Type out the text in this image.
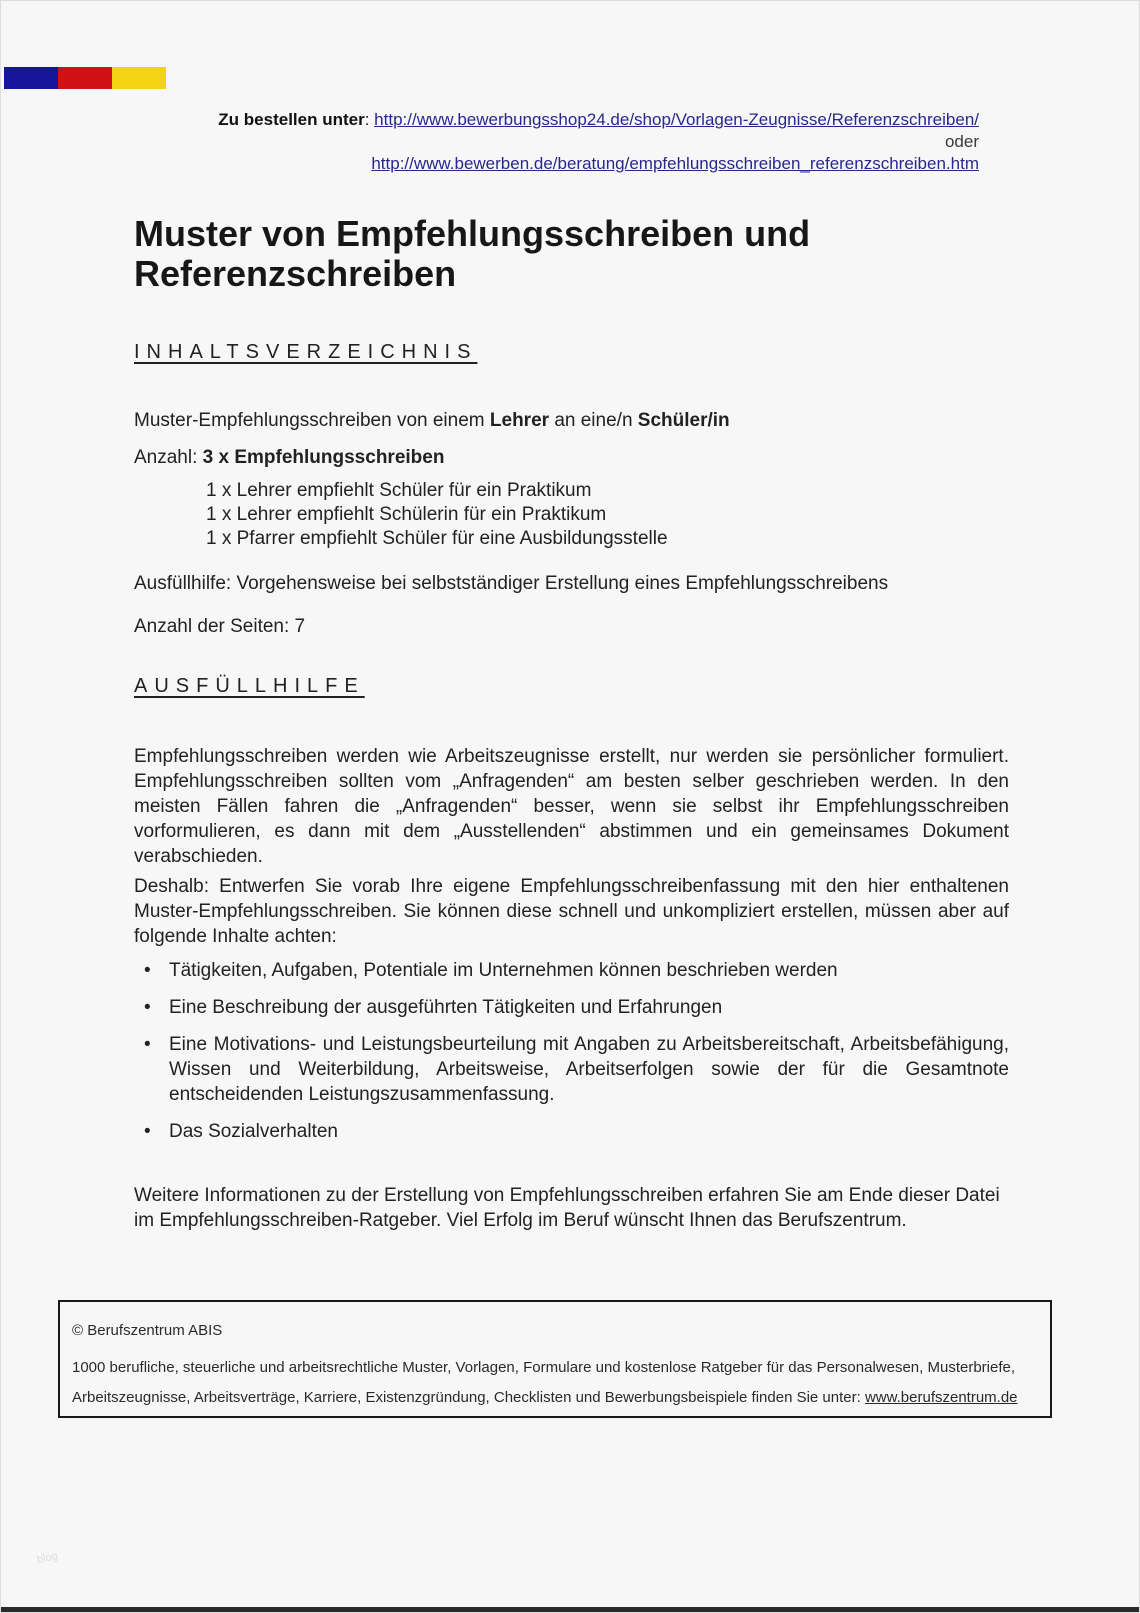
Zu bestellen unter: http://www.bewerbungsshop24.de/shop/Vorlagen-Zeugnisse/Referenzschreiben/
oder
http://www.bewerben.de/beratung/empfehlungsschreiben_referenzschreiben.htm
Muster von Empfehlungsschreiben und Referenzschreiben
INHALTSVERZEICHNIS
Muster-Empfehlungsschreiben von einem Lehrer an eine/n Schüler/in
Anzahl: 3 x Empfehlungsschreiben
1 x Lehrer empfiehlt Schüler für ein Praktikum
1 x Lehrer empfiehlt Schülerin für ein Praktikum
1 x Pfarrer empfiehlt Schüler für eine Ausbildungsstelle
Ausfüllhilfe: Vorgehensweise bei selbstständiger Erstellung eines Empfehlungsschreibens
Anzahl der Seiten: 7
AUSFÜLLHILFE
Empfehlungsschreiben werden wie Arbeitszeugnisse erstellt, nur werden sie persönlicher formuliert. Empfehlungsschreiben sollten vom „Anfragenden“ am besten selber geschrieben werden. In den meisten Fällen fahren die „Anfragenden“ besser, wenn sie selbst ihr Empfehlungsschreiben vorformulieren, es dann mit dem „Ausstellenden“ abstimmen und ein gemeinsames Dokument verabschieden.
Deshalb: Entwerfen Sie vorab Ihre eigene Empfehlungsschreibenfassung mit den hier enthaltenen Muster-Empfehlungsschreiben. Sie können diese schnell und unkompliziert erstellen, müssen aber auf folgende Inhalte achten:
• Tätigkeiten, Aufgaben, Potentiale im Unternehmen können beschrieben werden
• Eine Beschreibung der ausgeführten Tätigkeiten und Erfahrungen
• Eine Motivations- und Leistungsbeurteilung mit Angaben zu Arbeitsbereitschaft, Arbeitsbefähigung, Wissen und Weiterbildung, Arbeitsweise, Arbeitserfolgen sowie der für die Gesamtnote entscheidenden Leistungszusammenfassung.
• Das Sozialverhalten
Weitere Informationen zu der Erstellung von Empfehlungsschreiben erfahren Sie am Ende dieser Datei im Empfehlungsschreiben-Ratgeber. Viel Erfolg im Beruf wünscht Ihnen das Berufszentrum.
© Berufszentrum ABIS
1000 berufliche, steuerliche und arbeitsrechtliche Muster, Vorlagen, Formulare und kostenlose Ratgeber für das Personalwesen, Musterbriefe, Arbeitszeugnisse, Arbeitsverträge, Karriere, Existenzgründung, Checklisten und Bewerbungsbeispiele finden Sie unter: www.berufszentrum.de
blog
